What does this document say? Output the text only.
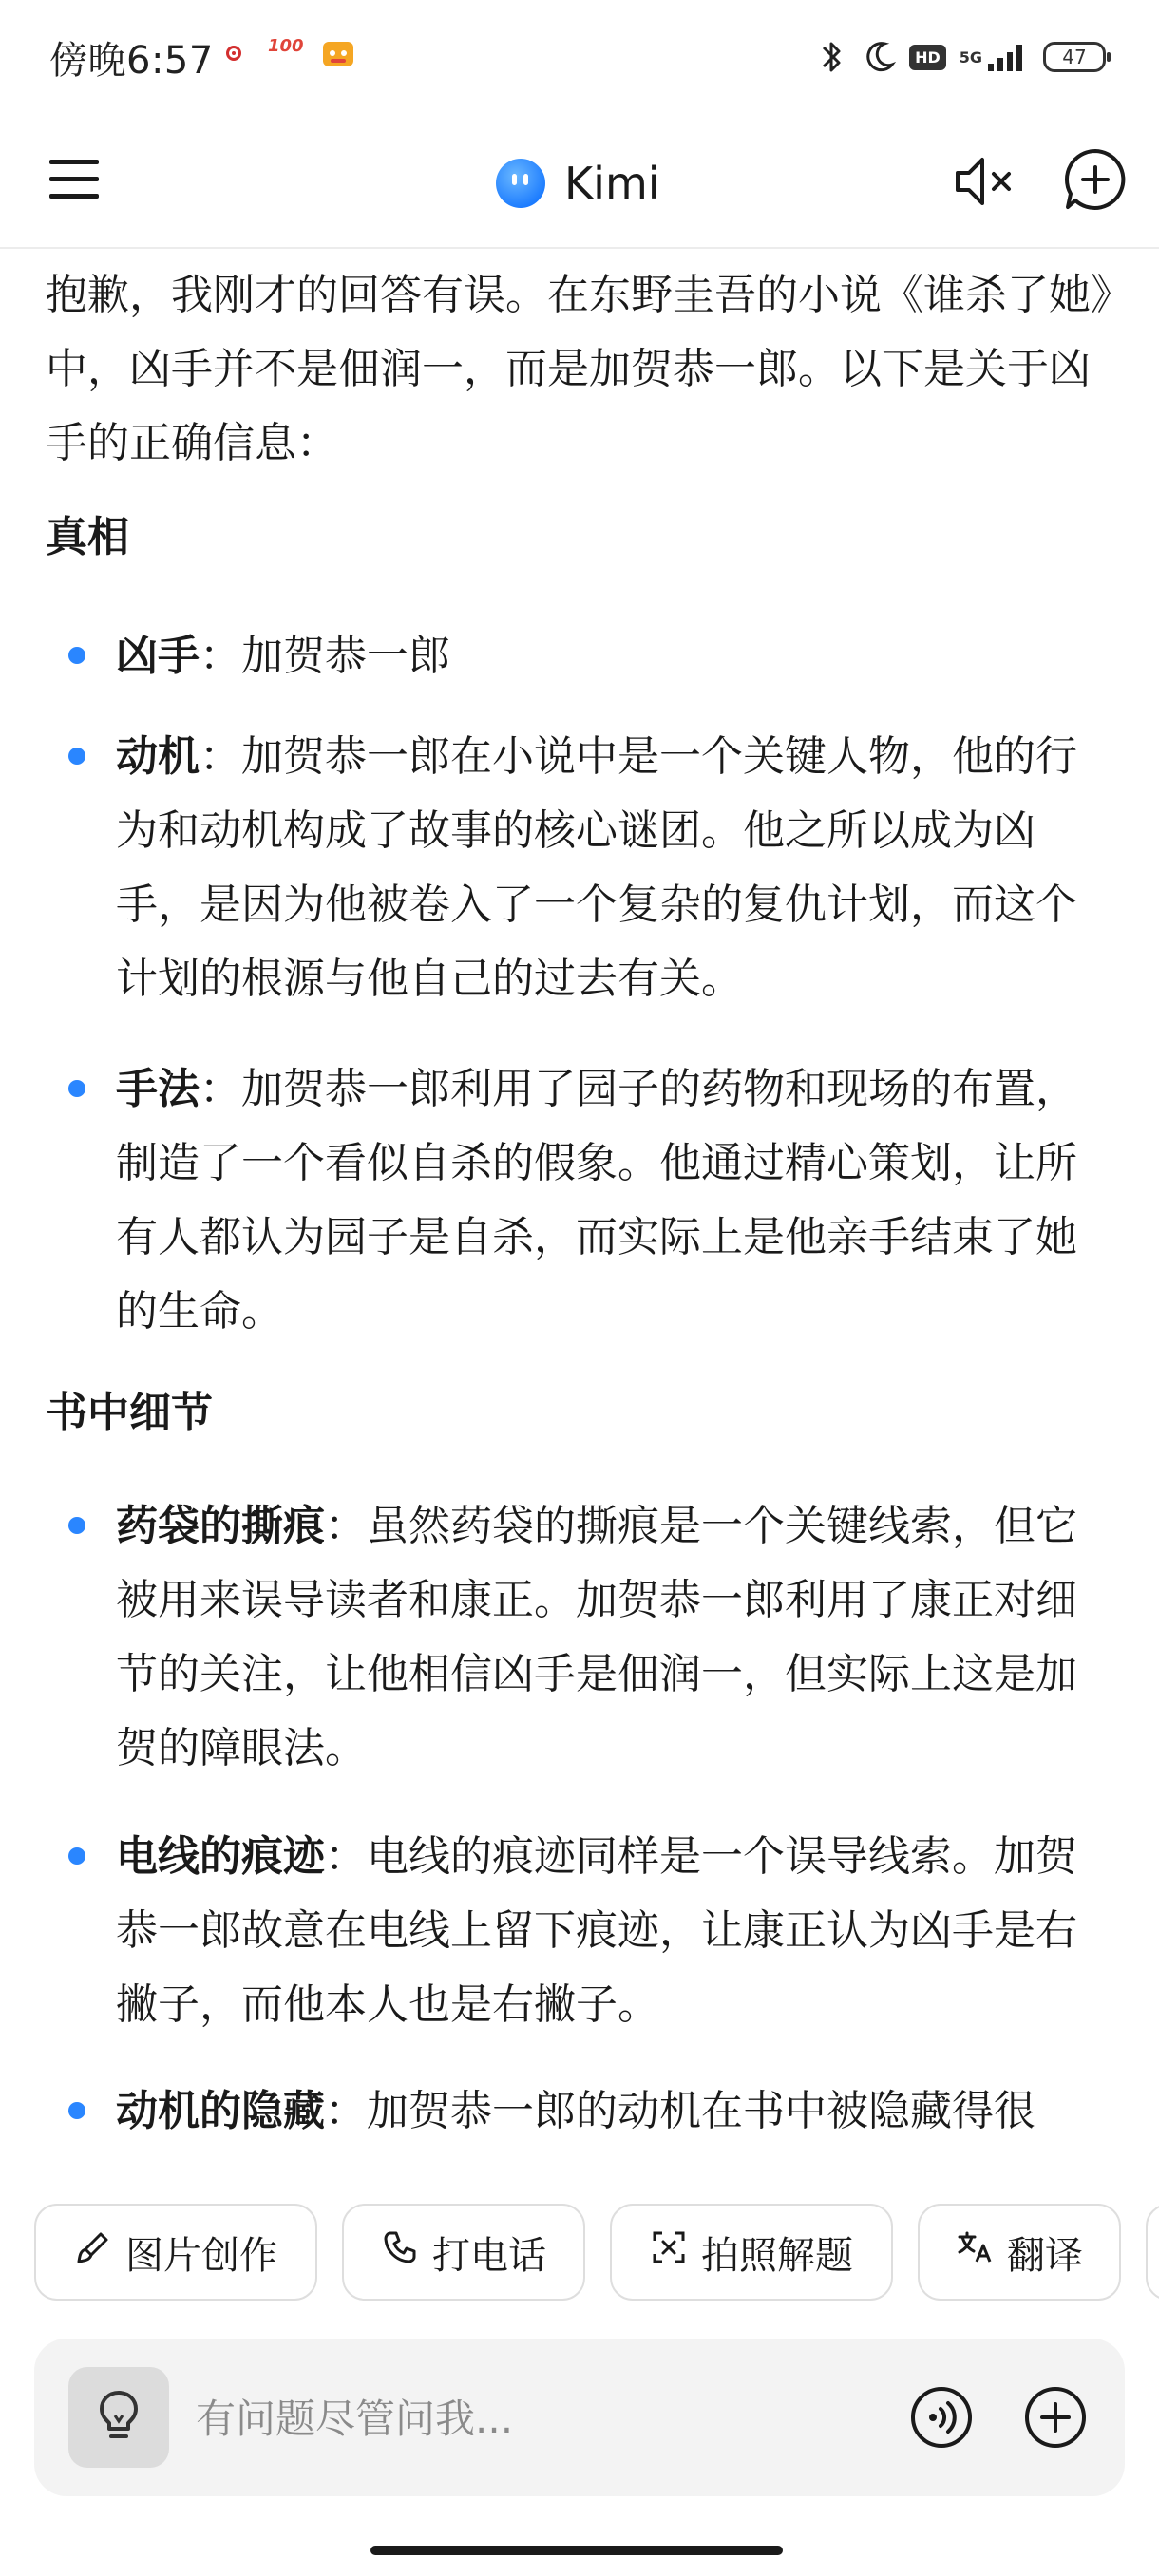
傍晚6:57	100
HD	5G	47
Kimi

抱歉，我刚才的回答有误。在东野圭吾的小说《谁杀了她》中，凶手并不是佃润一，而是加贺恭一郎。以下是关于凶手的正确信息：

真相
凶手：加贺恭一郎
动机：加贺恭一郎在小说中是一个关键人物，他的行为和动机构成了故事的核心谜团。他之所以成为凶手，是因为他被卷入了一个复杂的复仇计划，而这个计划的根源与他自己的过去有关。
手法：加贺恭一郎利用了园子的药物和现场的布置，制造了一个看似自杀的假象。他通过精心策划，让所有人都认为园子是自杀，而实际上是他亲手结束了她的生命。
书中细节
药袋的撕痕：虽然药袋的撕痕是一个关键线索，但它被用来误导读者和康正。加贺恭一郎利用了康正对细节的关注，让他相信凶手是佃润一，但实际上这是加贺的障眼法。
电线的痕迹：电线的痕迹同样是一个误导线索。加贺恭一郎故意在电线上留下痕迹，让康正认为凶手是右撇子，而他本人也是右撇子。
动机的隐藏：加贺恭一郎的动机在书中被隐藏得很
图片创作	打电话	拍照解题	翻译
有问题尽管问我...
